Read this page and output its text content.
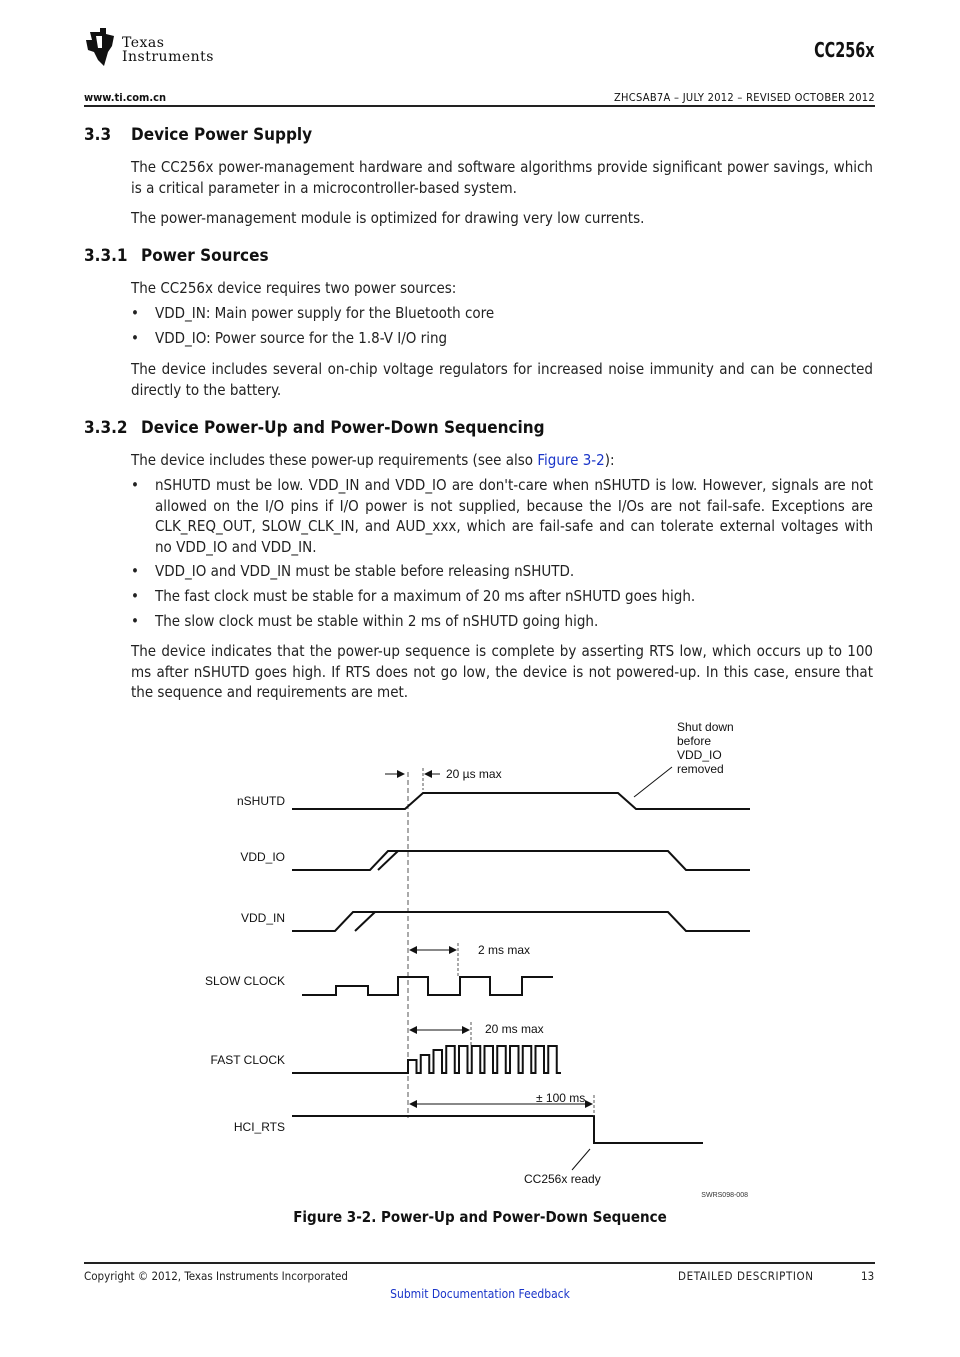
Texas
Instruments	CC256x
www.ti.com.cn	ZHCSAB7A – JULY 2012 – REVISED OCTOBER 2012
3.3 Device Power Supply
The CC256x power-management hardware and software algorithms provide significant power savings, which is a critical parameter in a microcontroller-based system.
The power-management module is optimized for drawing very low currents.
3.3.1 Power Sources
The CC256x device requires two power sources:
• VDD_IN: Main power supply for the Bluetooth core
• VDD_IO: Power source for the 1.8-V I/O ring
The device includes several on-chip voltage regulators for increased noise immunity and can be connected directly to the battery.
3.3.2 Device Power-Up and Power-Down Sequencing
The device includes these power-up requirements (see also Figure 3-2):
• nSHUTD must be low. VDD_IN and VDD_IO are don't-care when nSHUTD is low. However, signals are not allowed on the I/O pins if I/O power is not supplied, because the I/Os are not fail-safe. Exceptions are CLK_REQ_OUT, SLOW_CLK_IN, and AUD_xxx, which are fail-safe and can tolerate external voltages with no VDD_IO and VDD_IN.
• VDD_IO and VDD_IN must be stable before releasing nSHUTD.
• The fast clock must be stable for a maximum of 20 ms after nSHUTD goes high.
• The slow clock must be stable within 2 ms of nSHUTD going high.
The device indicates that the power-up sequence is complete by asserting RTS low, which occurs up to 100 ms after nSHUTD goes high. If RTS does not go low, the device is not powered-up. In this case, ensure that the sequence and requirements are met.
nSHUTD
VDD_IO
VDD_IN
SLOW CLOCK
FAST CLOCK
HCI_RTS
20 µs max
2 ms max
20 ms max
± 100 ms
Shut down
before
VDD_IO
removed
CC256x ready
SWRS098-008
Figure 3-2. Power-Up and Power-Down Sequence
Copyright © 2012, Texas Instruments Incorporated	DETAILED DESCRIPTION	13
Submit Documentation Feedback
